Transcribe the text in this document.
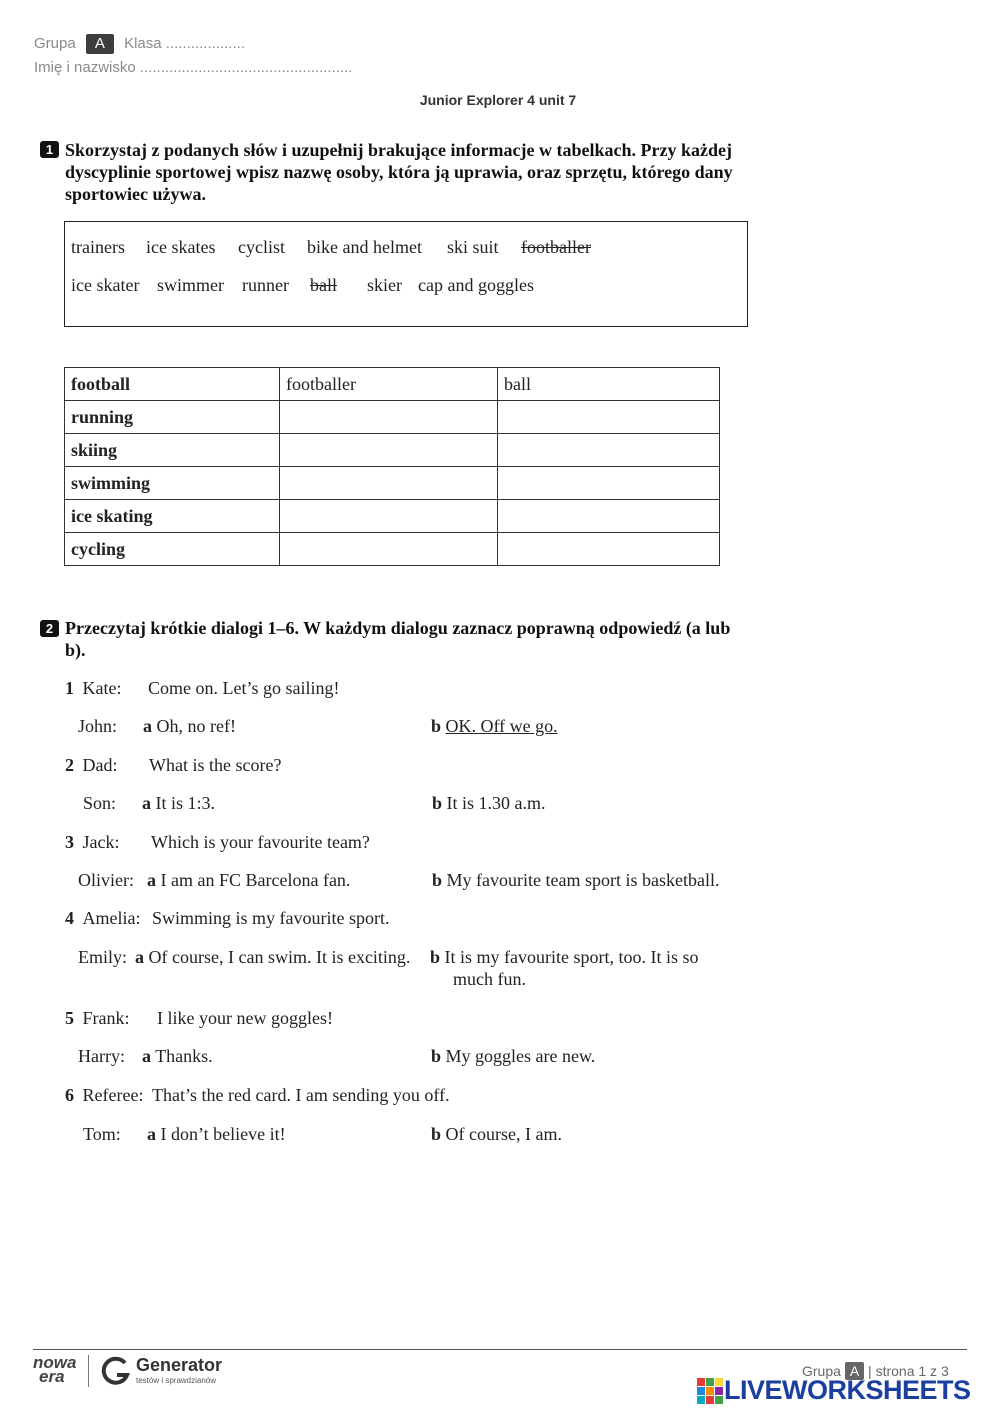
Grupa A Klasa ...................
Imię i nazwisko ...................................................
Junior Explorer 4 unit 7
1 Skorzystaj z podanych słów i uzupełnij brakujące informacje w tabelkach. Przy każdej dyscyplinie sportowej wpisz nazwę osoby, która ją uprawia, oraz sprzętu, którego dany sportowiec używa.
trainers ice skates cyclist bike and helmet ski suit footballer
ice skater swimmer runner ball skier cap and goggles
football	footballer	ball
running		
skiing		
swimming		
ice skating		
cycling		
2 Przeczytaj krótkie dialogi 1–6. W każdym dialogu zaznacz poprawną odpowiedź (a lub b).
1 Kate: Come on. Let’s go sailing!
John: a Oh, no ref!	b OK. Off we go.
2 Dad: What is the score?
Son: a It is 1:3.	b It is 1.30 a.m.
3 Jack: Which is your favourite team?
Olivier: a I am an FC Barcelona fan.	b My favourite team sport is basketball.
4 Amelia: Swimming is my favourite sport.
Emily: a Of course, I can swim. It is exciting. b It is my favourite sport, too. It is so
much fun.
5 Frank: I like your new goggles!
Harry: a Thanks.	b My goggles are new.
6 Referee: That’s the red card. I am sending you off.
Tom: a I don’t believe it!	b Of course, I am.
nowa
era
Generator
testów i sprawdzianów
Grupa A | strona 1 z 3
LIVEWORKSHEETS
